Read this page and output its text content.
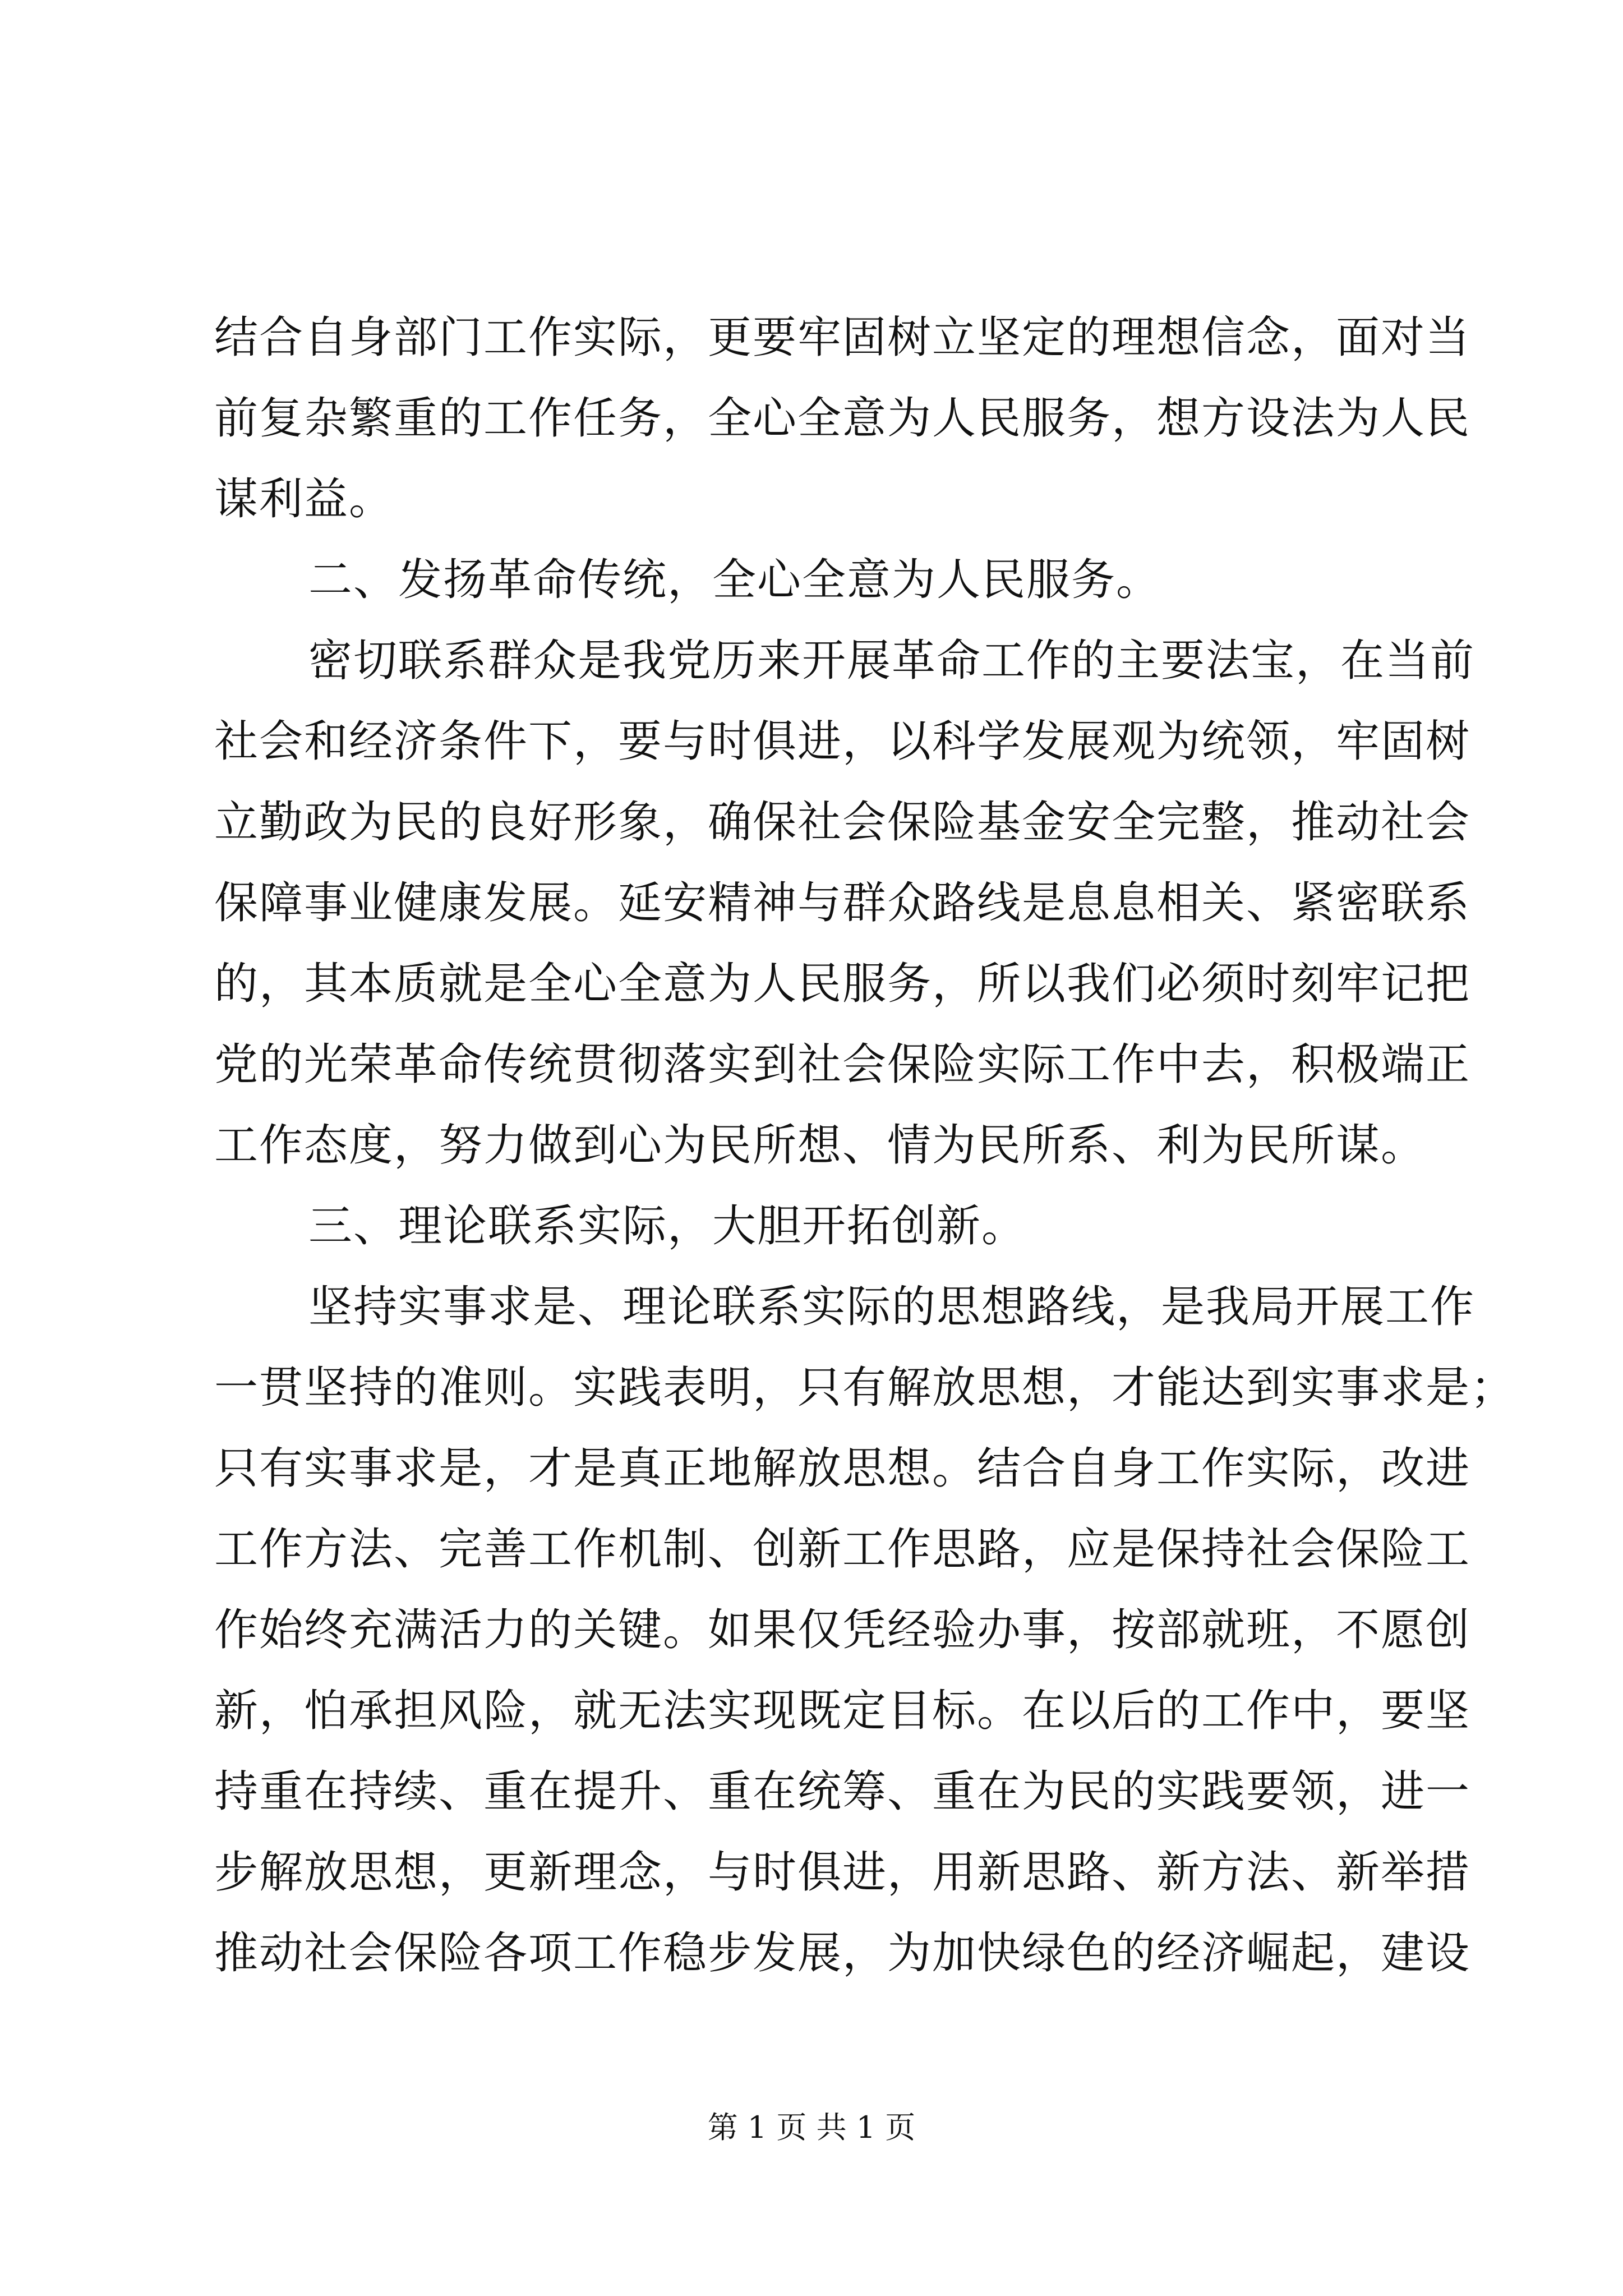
结合自身部门工作实际，更要牢固树立坚定的理想信念，面对当
前复杂繁重的工作任务，全心全意为人民服务，想方设法为人民
谋利益。
二、发扬革命传统，全心全意为人民服务。
密切联系群众是我党历来开展革命工作的主要法宝，在当前
社会和经济条件下，要与时俱进，以科学发展观为统领，牢固树
立勤政为民的良好形象，确保社会保险基金安全完整，推动社会
保障事业健康发展。延安精神与群众路线是息息相关、紧密联系
的，其本质就是全心全意为人民服务，所以我们必须时刻牢记把
党的光荣革命传统贯彻落实到社会保险实际工作中去，积极端正
工作态度，努力做到心为民所想、情为民所系、利为民所谋。
三、理论联系实际，大胆开拓创新。
坚持实事求是、理论联系实际的思想路线，是我局开展工作
一贯坚持的准则。实践表明，只有解放思想，才能达到实事求是；
只有实事求是，才是真正地解放思想。结合自身工作实际，改进
工作方法、完善工作机制、创新工作思路，应是保持社会保险工
作始终充满活力的关键。如果仅凭经验办事，按部就班，不愿创
新，怕承担风险，就无法实现既定目标。在以后的工作中，要坚
持重在持续、重在提升、重在统筹、重在为民的实践要领，进一
步解放思想，更新理念，与时俱进，用新思路、新方法、新举措
推动社会保险各项工作稳步发展，为加快绿色的经济崛起，建设
第 1 页 共 1 页
